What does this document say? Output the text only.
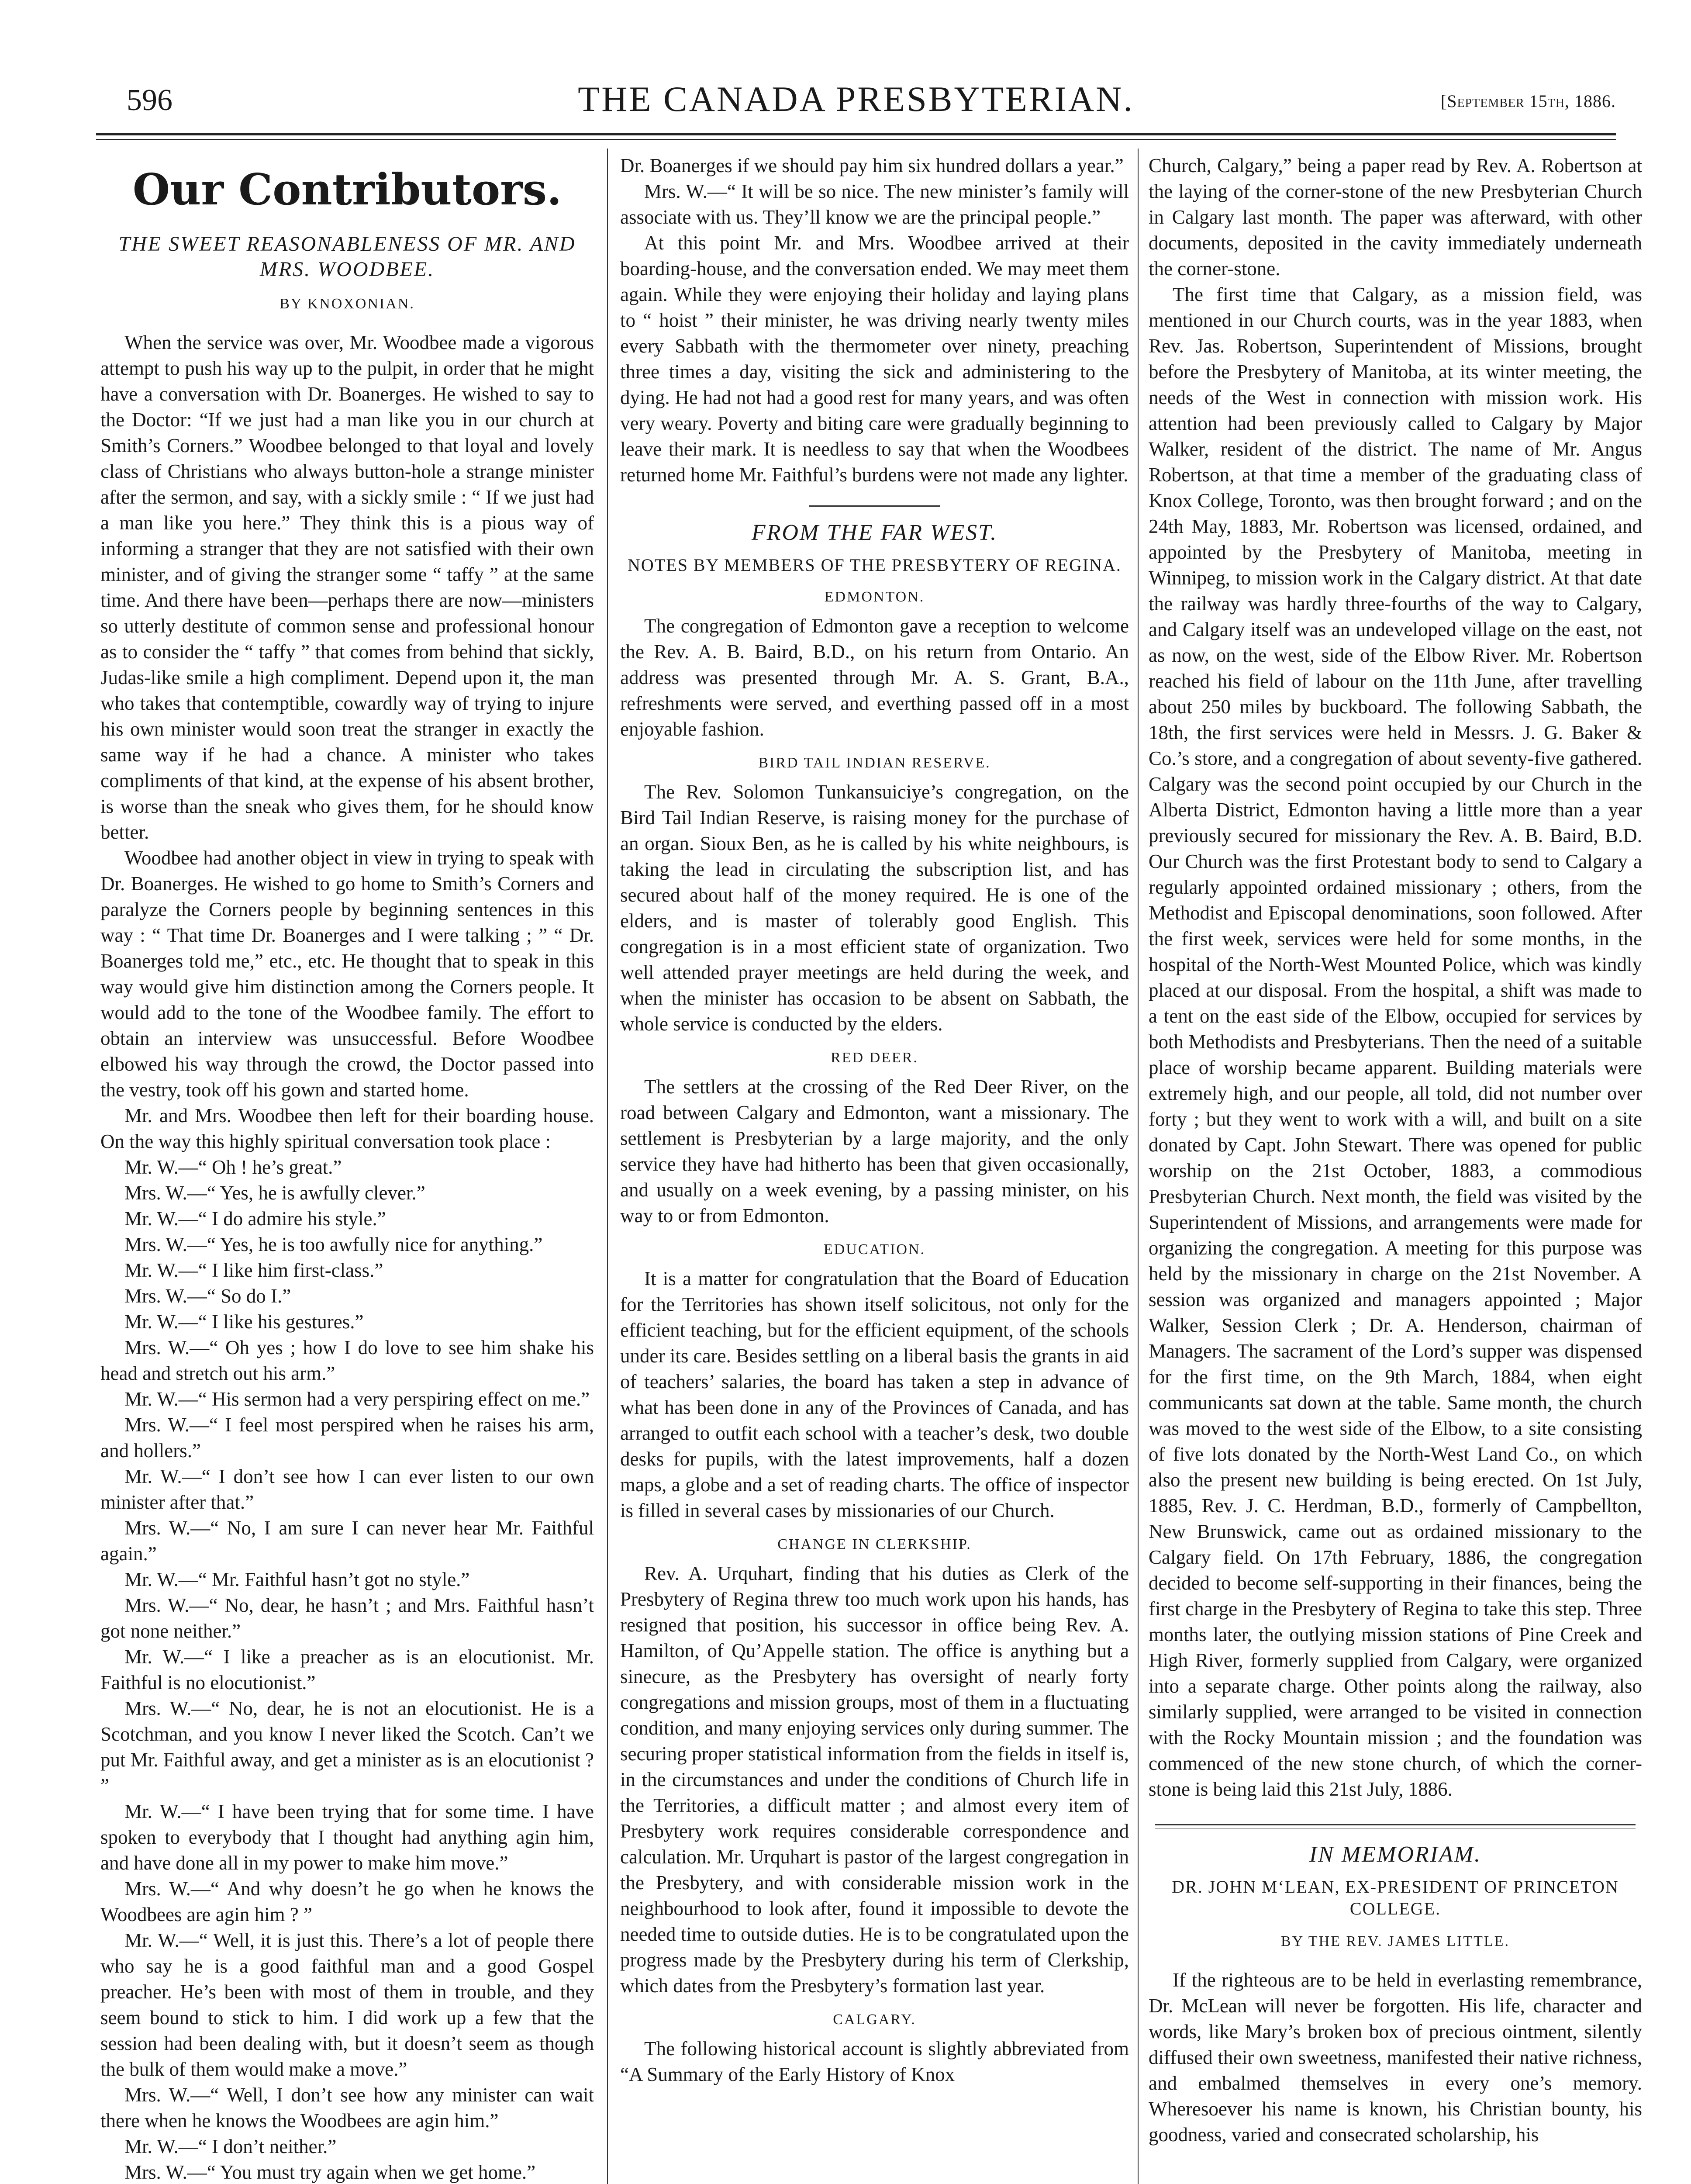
596	THE CANADA PRESBYTERIAN.	[September 15th, 1886.
Our Contributors.
THE SWEET REASONABLENESS OF MR. AND MRS. WOODBEE.
BY KNOXONIAN.

When the service was over, Mr. Woodbee made a vigorous attempt to push his way up to the pulpit, in order that he might have a conversation with Dr. Boanerges. He wished to say to the Doctor: “If we just had a man like you in our church at Smith’s Corners.” Woodbee belonged to that loyal and lovely class of Christians who always button-hole a strange minister after the sermon, and say, with a sickly smile : “ If we just had a man like you here.” They think this is a pious way of informing a stranger that they are not satisfied with their own minister, and of giving the stranger some “ taffy ” at the same time. And there have been—perhaps there are now—ministers so utterly destitute of common sense and professional honour as to consider the “ taffy ” that comes from behind that sickly, Judas-like smile a high compliment. Depend upon it, the man who takes that contemptible, cowardly way of trying to injure his own minister would soon treat the stranger in exactly the same way if he had a chance. A minister who takes compliments of that kind, at the expense of his absent brother, is worse than the sneak who gives them, for he should know better.

Woodbee had another object in view in trying to speak with Dr. Boanerges. He wished to go home to Smith’s Corners and paralyze the Corners people by beginning sentences in this way : “ That time Dr. Boanerges and I were talking ; ” “ Dr. Boanerges told me,” etc., etc. He thought that to speak in this way would give him distinction among the Corners people. It would add to the tone of the Woodbee family. The effort to obtain an interview was unsuccessful. Before Woodbee elbowed his way through the crowd, the Doctor passed into the vestry, took off his gown and started home.

Mr. and Mrs. Woodbee then left for their boarding house. On the way this highly spiritual conversation took place :

Mr. W.—“ Oh ! he’s great.”

Mrs. W.—“ Yes, he is awfully clever.”

Mr. W.—“ I do admire his style.”

Mrs. W.—“ Yes, he is too awfully nice for anything.”

Mr. W.—“ I like him first-class.”

Mrs. W.—“ So do I.”

Mr. W.—“ I like his gestures.”

Mrs. W.—“ Oh yes ; how I do love to see him shake his head and stretch out his arm.”

Mr. W.—“ His sermon had a very perspiring effect on me.”

Mrs. W.—“ I feel most perspired when he raises his arm, and hollers.”

Mr. W.—“ I don’t see how I can ever listen to our own minister after that.”

Mrs. W.—“ No, I am sure I can never hear Mr. Faithful again.”

Mr. W.—“ Mr. Faithful hasn’t got no style.”

Mrs. W.—“ No, dear, he hasn’t ; and Mrs. Faithful hasn’t got none neither.”

Mr. W.—“ I like a preacher as is an elocutionist. Mr. Faithful is no elocutionist.”

Mrs. W.—“ No, dear, he is not an elocutionist. He is a Scotchman, and you know I never liked the Scotch. Can’t we put Mr. Faithful away, and get a minister as is an elocutionist ? ”

Mr. W.—“ I have been trying that for some time. I have spoken to everybody that I thought had anything agin him, and have done all in my power to make him move.”

Mrs. W.—“ And why doesn’t he go when he knows the Woodbees are agin him ? ”

Mr. W.—“ Well, it is just this. There’s a lot of people there who say he is a good faithful man and a good Gospel preacher. He’s been with most of them in trouble, and they seem bound to stick to him. I did work up a few that the session had been dealing with, but it doesn’t seem as though the bulk of them would make a move.”

Mrs. W.—“ Well, I don’t see how any minister can wait there when he knows the Woodbees are agin him.”

Mr. W.—“ I don’t neither.”

Mrs. W.—“ You must try again when we get home.”

Dr. Boanerges if we should pay him six hundred dollars a year.”

Mrs. W.—“ It will be so nice. The new minister’s family will associate with us. They’ll know we are the principal people.”

At this point Mr. and Mrs. Woodbee arrived at their boarding-house, and the conversation ended. We may meet them again. While they were enjoying their holiday and laying plans to “ hoist ” their minister, he was driving nearly twenty miles every Sabbath with the thermometer over ninety, preaching three times a day, visiting the sick and administering to the dying. He had not had a good rest for many years, and was often very weary. Poverty and biting care were gradually beginning to leave their mark. It is needless to say that when the Woodbees returned home Mr. Faithful’s burdens were not made any lighter.

FROM THE FAR WEST.
NOTES BY MEMBERS OF THE PRESBYTERY OF REGINA.
EDMONTON.

The congregation of Edmonton gave a reception to welcome the Rev. A. B. Baird, B.D., on his return from Ontario. An address was presented through Mr. A. S. Grant, B.A., refreshments were served, and everthing passed off in a most enjoyable fashion.

BIRD TAIL INDIAN RESERVE.

The Rev. Solomon Tunkansuiciye’s congregation, on the Bird Tail Indian Reserve, is raising money for the purchase of an organ. Sioux Ben, as he is called by his white neighbours, is taking the lead in circulating the subscription list, and has secured about half of the money required. He is one of the elders, and is master of tolerably good English. This congregation is in a most efficient state of organization. Two well attended prayer meetings are held during the week, and when the minister has occasion to be absent on Sabbath, the whole service is conducted by the elders.

RED DEER.

The settlers at the crossing of the Red Deer River, on the road between Calgary and Edmonton, want a missionary. The settlement is Presbyterian by a large majority, and the only service they have had hitherto has been that given occasionally, and usually on a week evening, by a passing minister, on his way to or from Edmonton.

EDUCATION.

It is a matter for congratulation that the Board of Education for the Territories has shown itself solicitous, not only for the efficient teaching, but for the efficient equipment, of the schools under its care. Besides settling on a liberal basis the grants in aid of teachers’ salaries, the board has taken a step in advance of what has been done in any of the Provinces of Canada, and has arranged to outfit each school with a teacher’s desk, two double desks for pupils, with the latest improvements, half a dozen maps, a globe and a set of reading charts. The office of inspector is filled in several cases by missionaries of our Church.

CHANGE IN CLERKSHIP.

Rev. A. Urquhart, finding that his duties as Clerk of the Presbytery of Regina threw too much work upon his hands, has resigned that position, his successor in office being Rev. A. Hamilton, of Qu’Appelle station. The office is anything but a sinecure, as the Presbytery has oversight of nearly forty congregations and mission groups, most of them in a fluctuating condition, and many enjoying services only during summer. The securing proper statistical information from the fields in itself is, in the circumstances and under the conditions of Church life in the Territories, a difficult matter ; and almost every item of Presbytery work requires considerable correspondence and calculation. Mr. Urquhart is pastor of the largest congregation in the Presbytery, and with considerable mission work in the neighbourhood to look after, found it impossible to devote the needed time to outside duties. He is to be congratulated upon the progress made by the Presbytery during his term of Clerkship, which dates from the Presbytery’s formation last year.

CALGARY.

The following historical account is slightly abbreviated from “A Summary of the Early History of Knox

Church, Calgary,” being a paper read by Rev. A. Robertson at the laying of the corner-stone of the new Presbyterian Church in Calgary last month. The paper was afterward, with other documents, deposited in the cavity immediately underneath the corner-stone.

The first time that Calgary, as a mission field, was mentioned in our Church courts, was in the year 1883, when Rev. Jas. Robertson, Superintendent of Missions, brought before the Presbytery of Manitoba, at its winter meeting, the needs of the West in connection with mission work. His attention had been previously called to Calgary by Major Walker, resident of the district. The name of Mr. Angus Robertson, at that time a member of the graduating class of Knox College, Toronto, was then brought forward ; and on the 24th May, 1883, Mr. Robertson was licensed, ordained, and appointed by the Presbytery of Manitoba, meeting in Winnipeg, to mission work in the Calgary district. At that date the railway was hardly three-fourths of the way to Calgary, and Calgary itself was an undeveloped village on the east, not as now, on the west, side of the Elbow River. Mr. Robertson reached his field of labour on the 11th June, after travelling about 250 miles by buckboard. The following Sabbath, the 18th, the first services were held in Messrs. J. G. Baker & Co.’s store, and a congregation of about seventy-five gathered. Calgary was the second point occupied by our Church in the Alberta District, Edmonton having a little more than a year previously secured for missionary the Rev. A. B. Baird, B.D. Our Church was the first Protestant body to send to Calgary a regularly appointed ordained missionary ; others, from the Methodist and Episcopal denominations, soon followed. After the first week, services were held for some months, in the hospital of the North-West Mounted Police, which was kindly placed at our disposal. From the hospital, a shift was made to a tent on the east side of the Elbow, occupied for services by both Methodists and Presbyterians. Then the need of a suitable place of worship became apparent. Building materials were extremely high, and our people, all told, did not number over forty ; but they went to work with a will, and built on a site donated by Capt. John Stewart. There was opened for public worship on the 21st October, 1883, a commodious Presbyterian Church. Next month, the field was visited by the Superintendent of Missions, and arrangements were made for organizing the congregation. A meeting for this purpose was held by the missionary in charge on the 21st November. A session was organized and managers appointed ; Major Walker, Session Clerk ; Dr. A. Henderson, chairman of Managers. The sacrament of the Lord’s supper was dispensed for the first time, on the 9th March, 1884, when eight communicants sat down at the table. Same month, the church was moved to the west side of the Elbow, to a site consisting of five lots donated by the North-West Land Co., on which also the present new building is being erected. On 1st July, 1885, Rev. J. C. Herdman, B.D., formerly of Campbellton, New Brunswick, came out as ordained missionary to the Calgary field. On 17th February, 1886, the congregation decided to become self-supporting in their finances, being the first charge in the Presbytery of Regina to take this step. Three months later, the outlying mission stations of Pine Creek and High River, formerly supplied from Calgary, were organized into a separate charge. Other points along the railway, also similarly supplied, were arranged to be visited in connection with the Rocky Mountain mission ; and the foundation was commenced of the new stone church, of which the corner-stone is being laid this 21st July, 1886.

IN MEMORIAM.
DR. JOHN M‘LEAN, EX-PRESIDENT OF PRINCETON COLLEGE.
BY THE REV. JAMES LITTLE.

If the righteous are to be held in everlasting remembrance, Dr. McLean will never be forgotten. His life, character and words, like Mary’s broken box of precious ointment, silently diffused their own sweetness, manifested their native richness, and embalmed themselves in every one’s memory. Wheresoever his name is known, his Christian bounty, his goodness, varied and consecrated scholarship, his
